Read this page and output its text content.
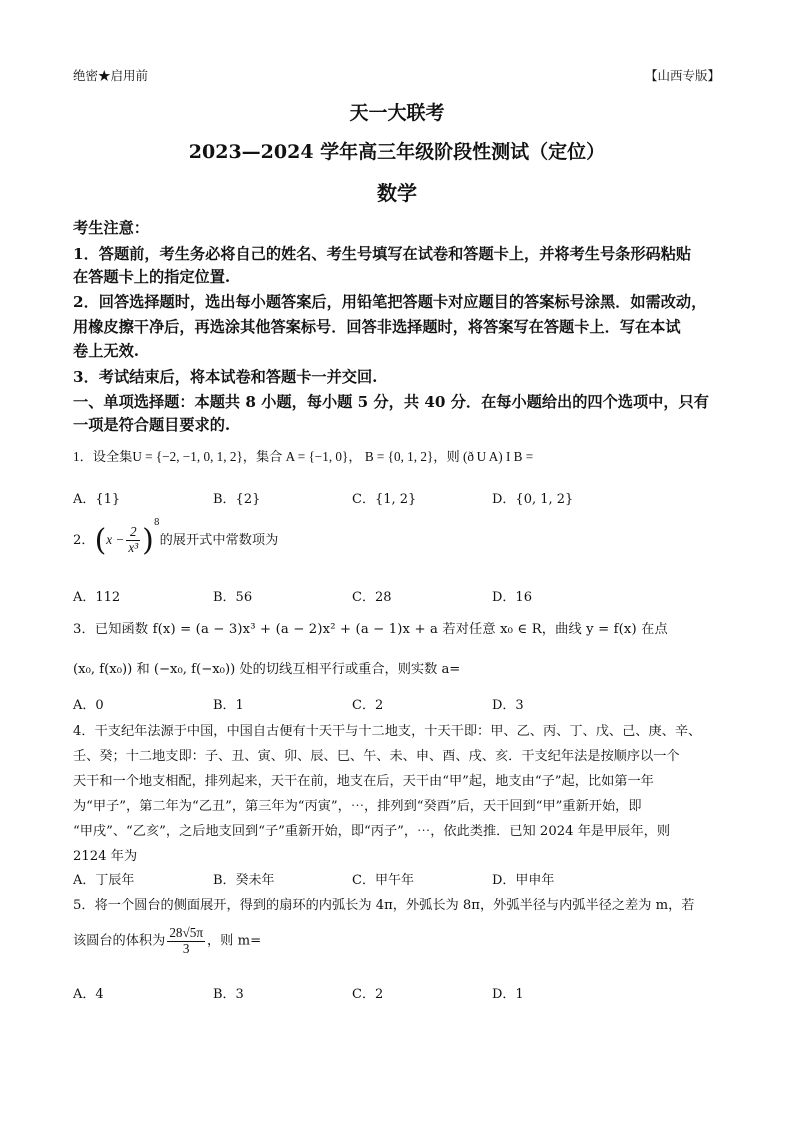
绝密★启用前	【山西专版】
天一大联考
2023—2024 学年高三年级阶段性测试（定位）
数学
考生注意：
1．答题前，考生务必将自己的姓名、考生号填写在试卷和答题卡上，并将考生号条形码粘贴
在答题卡上的指定位置.
2．回答选择题时，选出每小题答案后，用铅笔把答题卡对应题目的答案标号涂黑．如需改动，
用橡皮擦干净后，再选涂其他答案标号．回答非选择题时，将答案写在答题卡上．写在本试
卷上无效.
3．考试结束后，将本试卷和答题卡一并交回.
一、单项选择题：本题共 8 小题，每小题 5 分，共 40 分．在每小题给出的四个选项中，只有
一项是符合题目要求的.
1．设全集U = {−2, −1, 0, 1, 2}，集合 A = {−1, 0}， B = {0, 1, 2}，则 (ð U A) I B =
A．{1}	B．{2}	C．{1, 2}	D．{0, 1, 2}
2．$(x - \frac{2}{\text{x³}} )^8$的展开式中常数项为
A．112	B．56	C．28	D．16
3．已知函数 f(x) = (a − 3)x³ + (a − 2)x² + (a − 1)x + a 若对任意 x₀ ∈ R，曲线 y = f(x) 在点
(x₀, f(x₀)) 和 (−x₀, f(−x₀)) 处的切线互相平行或重合，则实数 a=
A．0	B．1	C．2	D．3
4．干支纪年法源于中国，中国自古便有十天干与十二地支，十天干即：甲、乙、丙、丁、戊、己、庚、辛、
壬、癸；十二地支即：子、丑、寅、卯、辰、巳、午、未、申、酉、戌、亥．干支纪年法是按顺序以一个
天干和一个地支相配，排列起来，天干在前，地支在后，天干由“甲”起，地支由“子”起，比如第一年
为“甲子”，第二年为“乙丑”，第三年为“丙寅”，⋯，排列到“癸酉”后，天干回到“甲”重新开始，即
“甲戌”、“乙亥”，之后地支回到“子”重新开始，即“丙子”，⋯，依此类推．已知 2024 年是甲辰年，则
2124 年为
A．丁辰年	B．癸未年	C．甲午年	D．甲申年
5．将一个圆台的侧面展开，得到的扇环的内弧长为 4π，外弧长为 8π，外弧半径与内弧半径之差为 m，若
该圆台的体积为 $\frac{28√5\pi}{3}$ ，则 m=
A．4	B．3	C．2	D．1
